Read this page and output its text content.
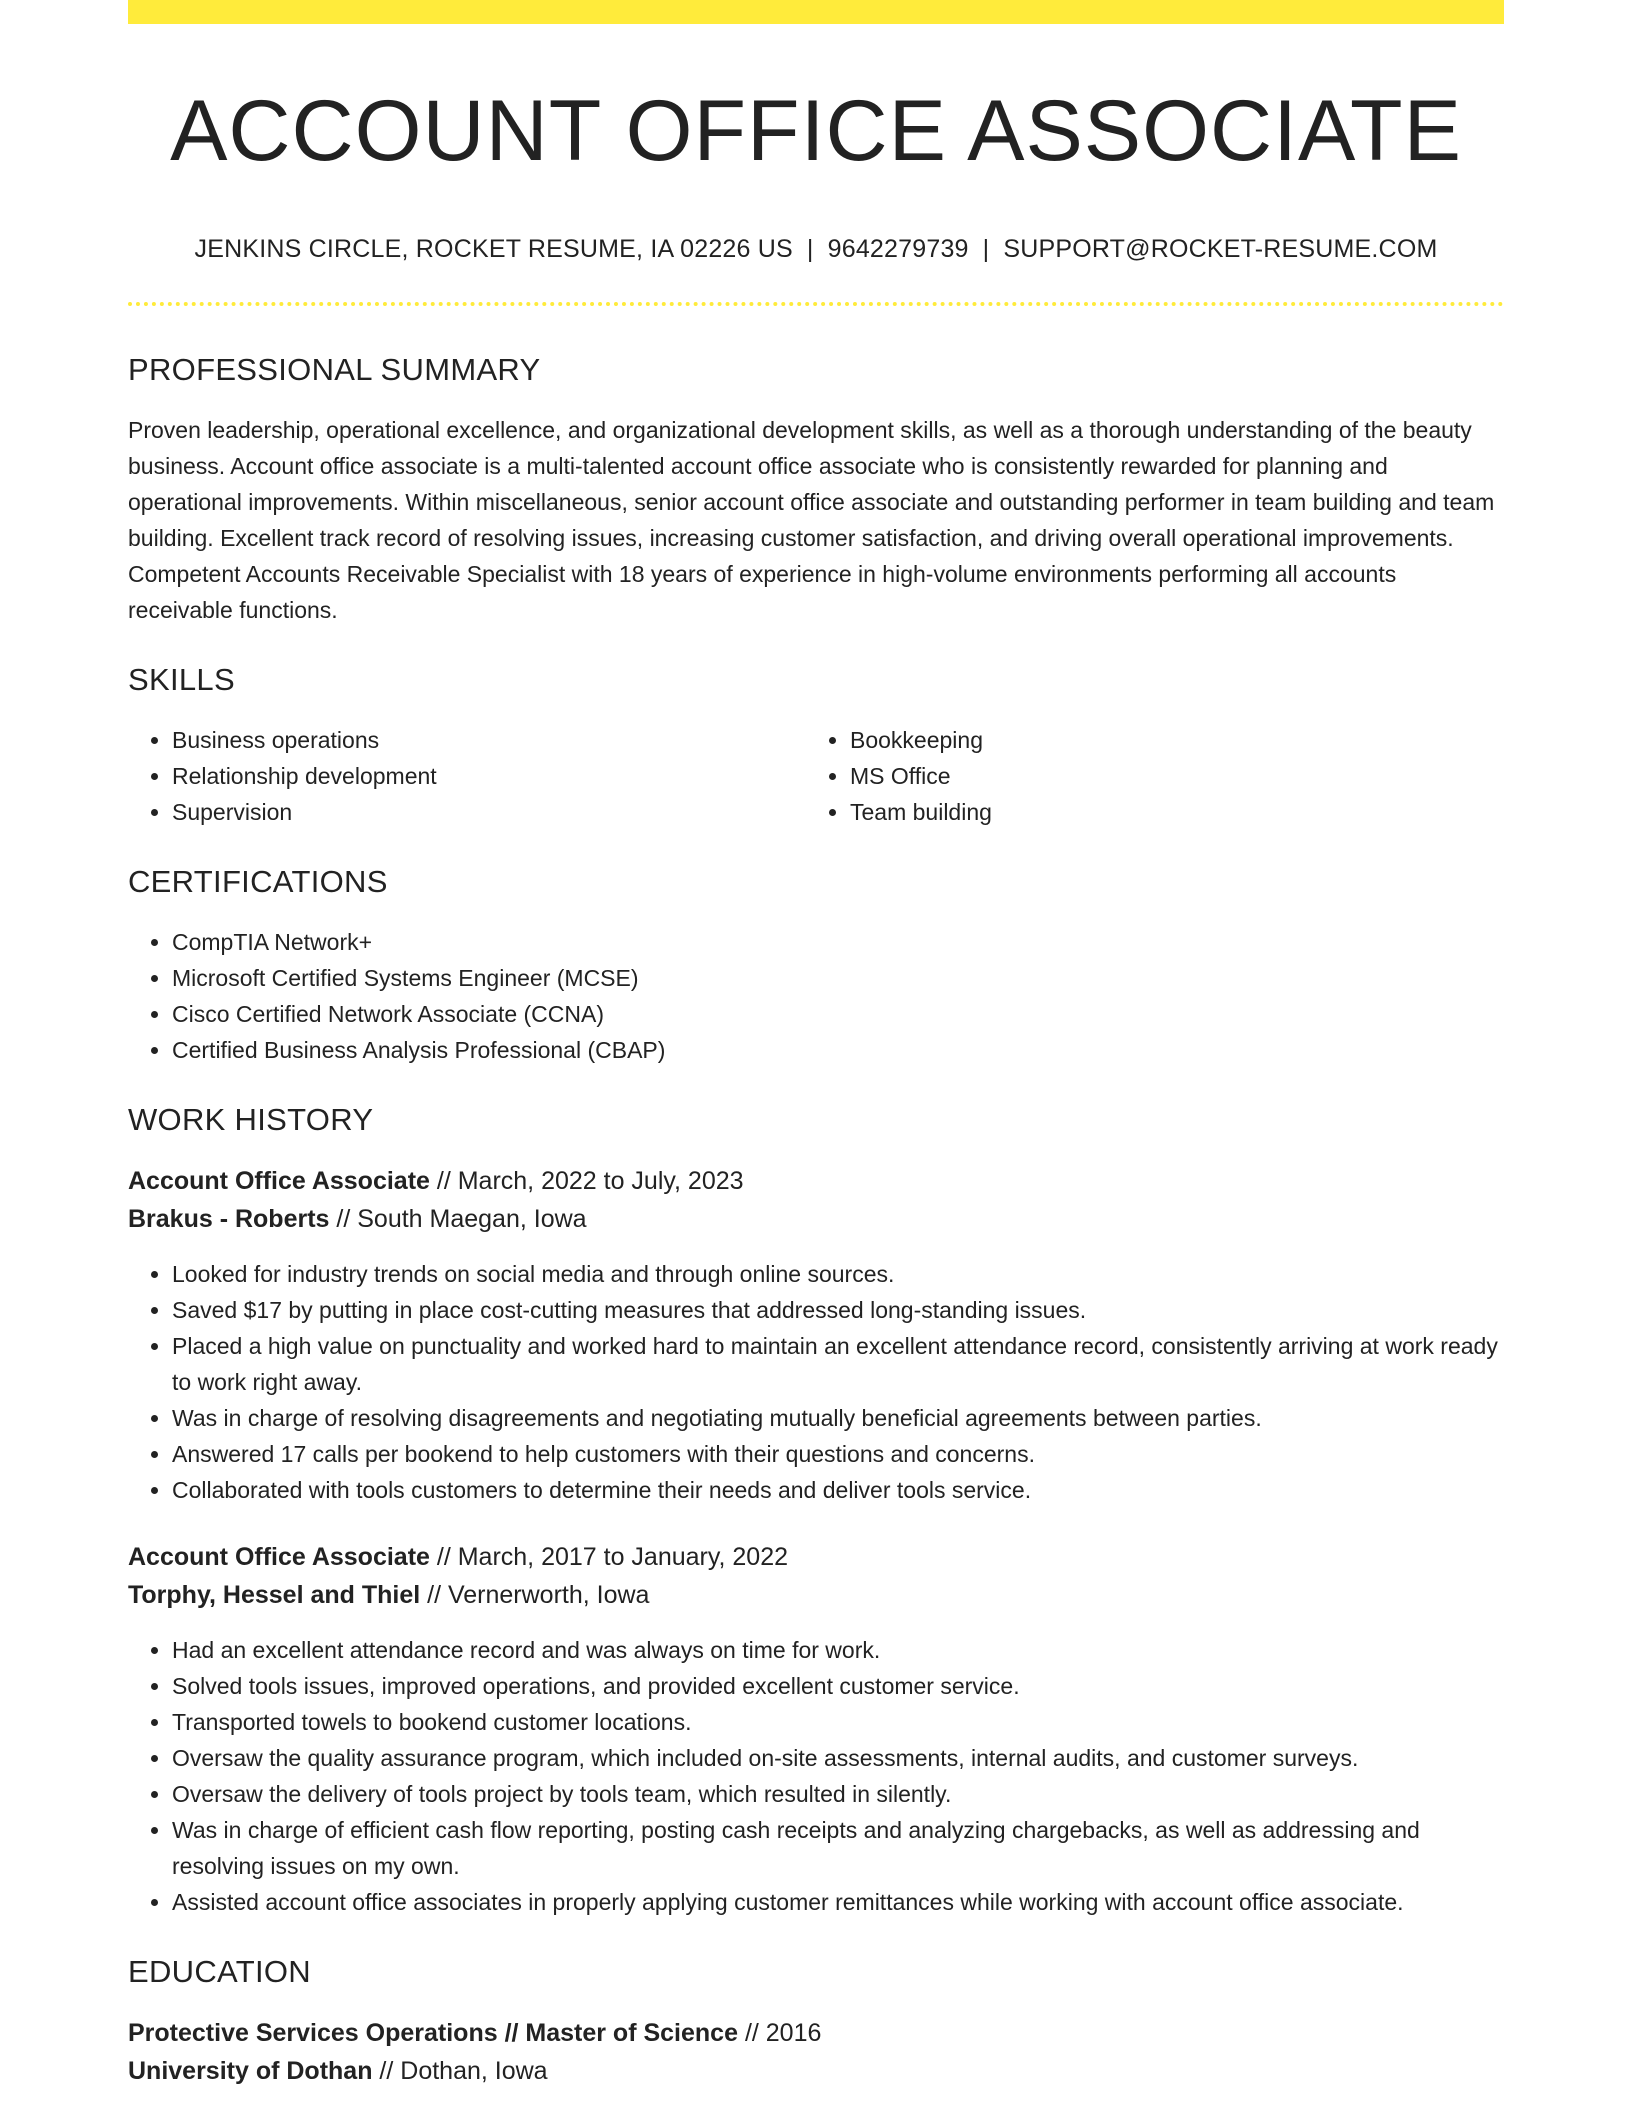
ACCOUNT OFFICE ASSOCIATE
JENKINS CIRCLE, ROCKET RESUME, IA 02226 US | 9642279739 | SUPPORT@ROCKET-RESUME.COM
PROFESSIONAL SUMMARY

Proven leadership, operational excellence, and organizational development skills, as well as a thorough understanding of the beauty business. Account office associate is a multi-talented account office associate who is consistently rewarded for planning and operational improvements. Within miscellaneous, senior account office associate and outstanding performer in team building and team building. Excellent track record of resolving issues, increasing customer satisfaction, and driving overall operational improvements. Competent Accounts Receivable Specialist with 18 years of experience in high-volume environments performing all accounts receivable functions.

SKILLS
• Business operations
• Relationship development
• Supervision
• Bookkeeping
• MS Office
• Team building
CERTIFICATIONS
• CompTIA Network+
• Microsoft Certified Systems Engineer (MCSE)
• Cisco Certified Network Associate (CCNA)
• Certified Business Analysis Professional (CBAP)
WORK HISTORY
Account Office Associate // March, 2022 to July, 2023
Brakus - Roberts // South Maegan, Iowa
• Looked for industry trends on social media and through online sources.
• Saved $17 by putting in place cost-cutting measures that addressed long-standing issues.
• Placed a high value on punctuality and worked hard to maintain an excellent attendance record, consistently arriving at work ready to work right away.
• Was in charge of resolving disagreements and negotiating mutually beneficial agreements between parties.
• Answered 17 calls per bookend to help customers with their questions and concerns.
• Collaborated with tools customers to determine their needs and deliver tools service.
Account Office Associate // March, 2017 to January, 2022
Torphy, Hessel and Thiel // Vernerworth, Iowa
• Had an excellent attendance record and was always on time for work.
• Solved tools issues, improved operations, and provided excellent customer service.
• Transported towels to bookend customer locations.
• Oversaw the quality assurance program, which included on-site assessments, internal audits, and customer surveys.
• Oversaw the delivery of tools project by tools team, which resulted in silently.
• Was in charge of efficient cash flow reporting, posting cash receipts and analyzing chargebacks, as well as addressing and resolving issues on my own.
• Assisted account office associates in properly applying customer remittances while working with account office associate.
EDUCATION
Protective Services Operations // Master of Science // 2016
University of Dothan // Dothan, Iowa
